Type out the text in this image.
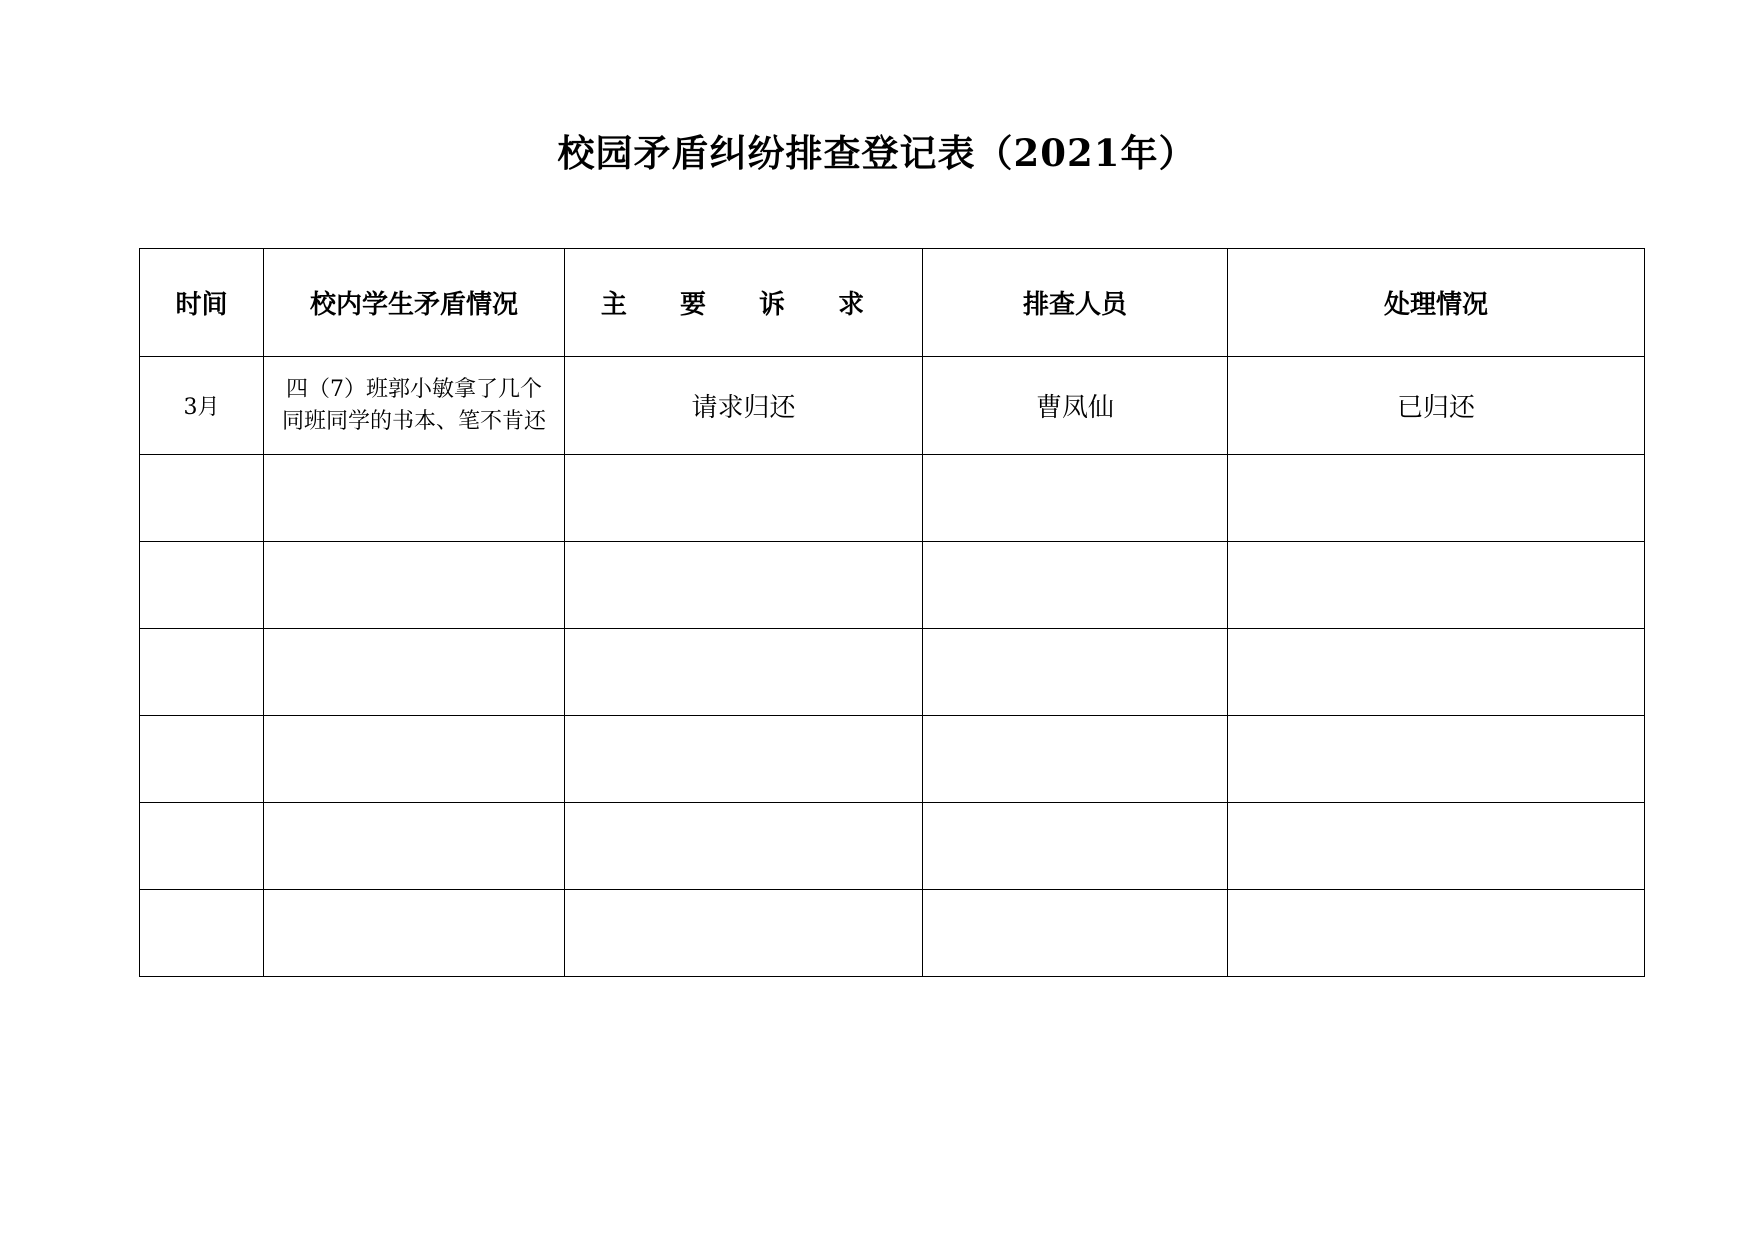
校园矛盾纠纷排查登记表（2021年）
时间	校内学生矛盾情况	主 要 诉 求	排查人员	处理情况
3月	四（7）班郭小敏拿了几个同班同学的书本、笔不肯还	请求归还	曹凤仙	已归还
